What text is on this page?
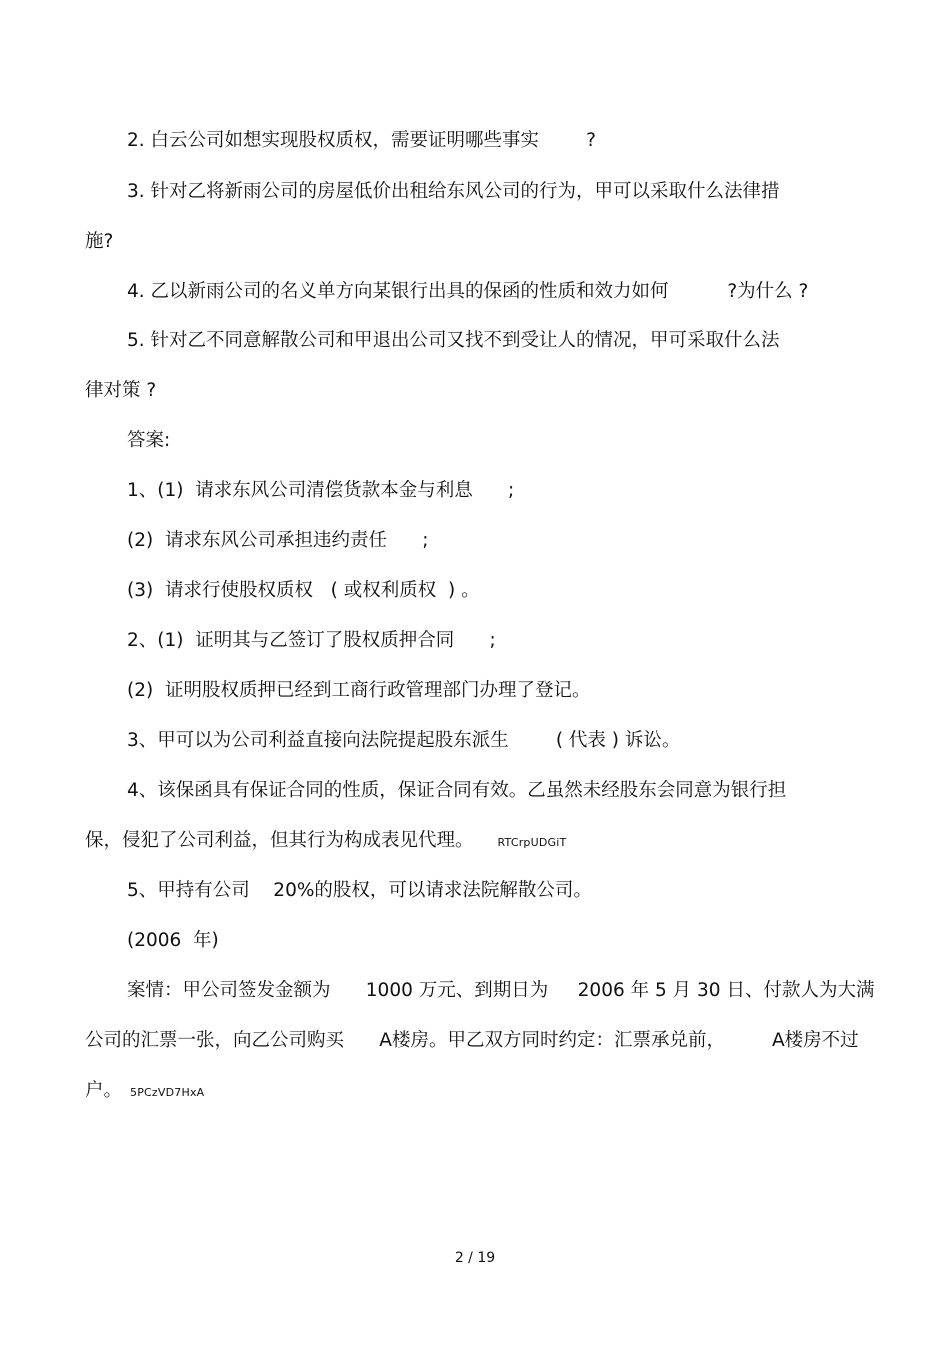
2. 白云公司如想实现股权质权，需要证明哪些事实        ?
3. 针对乙将新雨公司的房屋低价出租给东风公司的行为，甲可以采取什么法律措
施?
4. 乙以新雨公司的名义单方向某银行出具的保函的性质和效力如何          ?为什么 ?
5. 针对乙不同意解散公司和甲退出公司又找不到受让人的情况，甲可采取什么法
律对策 ?
答案:
1、(1)  请求东风公司清偿货款本金与利息      ;
(2)  请求东风公司承担违约责任      ;
(3)  请求行使股权质权   ( 或权利质权  ) 。
2、(1)  证明其与乙签订了股权质押合同      ;
(2)  证明股权质押已经到工商行政管理部门办理了登记。
3、甲可以为公司利益直接向法院提起股东派生        ( 代表 ) 诉讼。
4、该保函具有保证合同的性质，保证合同有效。乙虽然未经股东会同意为银行担
保，侵犯了公司利益，但其行为构成表见代理。 RTCrpUDGiT
5、甲持有公司    20%的股权，可以请求法院解散公司。
(2006  年)
案情：甲公司签发金额为      1000 万元、到期日为     2006 年 5 月 30 日、付款人为大满
公司的汇票一张，向乙公司购买      A楼房。甲乙双方同时约定：汇票承兑前，        A楼房不过
户。 5PCzVD7HxA
2 / 19
